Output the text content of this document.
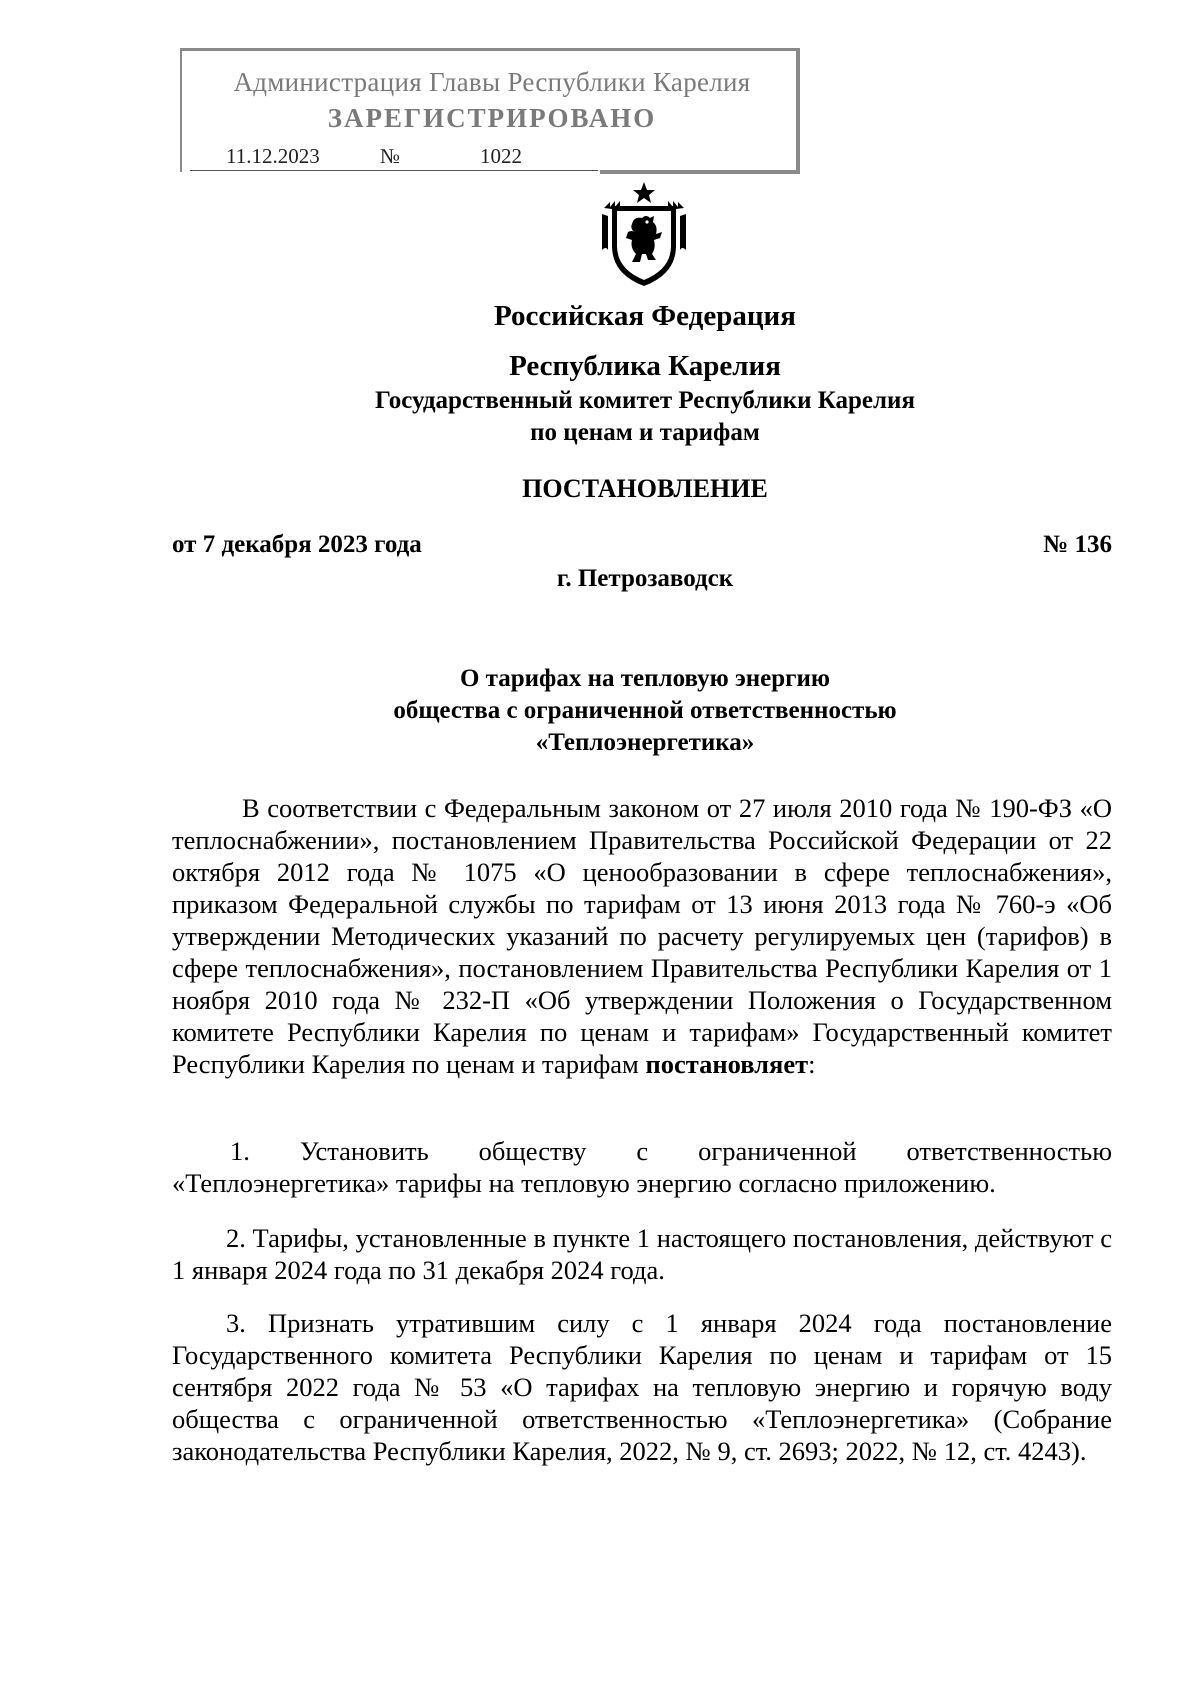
Администрация Главы Республики Карелия
ЗАРЕГИСТРИРОВАНО
11.12.2023	№	1022
Российская Федерация
Республика Карелия
Государственный комитет Республики Карелия
по ценам и тарифам
ПОСТАНОВЛЕНИЕ
от 7 декабря 2023 года	№ 136
г. Петрозаводск
О тарифах на тепловую энергию
общества с ограниченной ответственностью
«Теплоэнергетика»
В соответствии с Федеральным законом от 27 июля 2010 года № 190-ФЗ «О теплоснабжении», постановлением Правительства Российской Федерации от 22 октября 2012 года № 1075 «О ценообразовании в сфере теплоснабжения», приказом Федеральной службы по тарифам от 13 июня 2013 года № 760-э «Об утверждении Методических указаний по расчету регулируемых цен (тарифов) в сфере теплоснабжения», постановлением Правительства Республики Карелия от 1 ноября 2010 года № 232-П «Об утверждении Положения о Государственном комитете Республики Карелия по ценам и тарифам» Государственный комитет Республики Карелия по ценам и тарифам постановляет:
1. Установить обществу с ограниченной ответственностью «Теплоэнергетика» тарифы на тепловую энергию согласно приложению.
2. Тарифы, установленные в пункте 1 настоящего постановления, действуют с 1 января 2024 года по 31 декабря 2024 года.
3. Признать утратившим силу с 1 января 2024 года постановление Государственного комитета Республики Карелия по ценам и тарифам от 15 сентября 2022 года № 53 «О тарифах на тепловую энергию и горячую воду общества с ограниченной ответственностью «Теплоэнергетика» (Собрание законодательства Республики Карелия, 2022, № 9, ст. 2693; 2022, № 12, ст. 4243).
